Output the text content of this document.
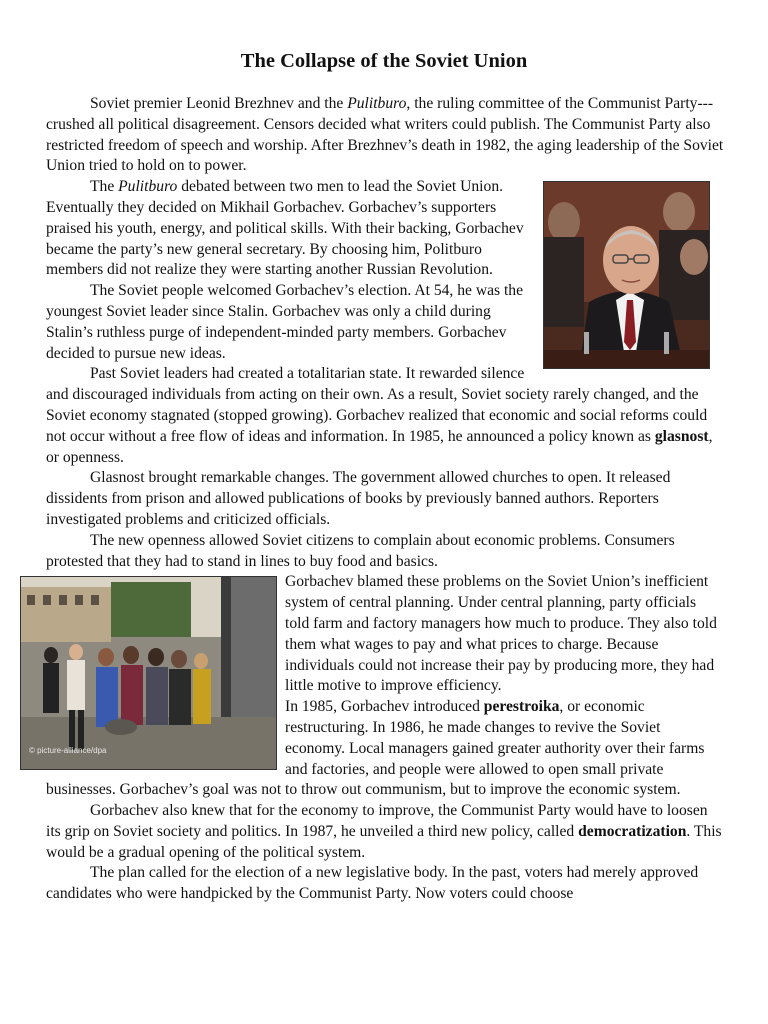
The Collapse of the Soviet Union

Soviet premier Leonid Brezhnev and the Pulitburo, the ruling committee of the Communist Party---crushed all political disagreement. Censors decided what writers could publish. The Communist Party also restricted freedom of speech and worship. After Brezhnev’s death in 1982, the aging leadership of the Soviet Union tried to hold on to power.

The Pulitburo debated between two men to lead the Soviet Union. Eventually they decided on Mikhail Gorbachev. Gorbachev’s supporters praised his youth, energy, and political skills. With their backing, Gorbachev became the party’s new general secretary. By choosing him, Politburo members did not realize they were starting another Russian Revolution.

The Soviet people welcomed Gorbachev’s election. At 54, he was the youngest Soviet leader since Stalin. Gorbachev was only a child during Stalin’s ruthless purge of independent-minded party members. Gorbachev decided to pursue new ideas.

Past Soviet leaders had created a totalitarian state. It rewarded silence and discouraged individuals from acting on their own. As a result, Soviet society rarely changed, and the Soviet economy stagnated (stopped growing). Gorbachev realized that economic and social reforms could not occur without a free flow of ideas and information. In 1985, he announced a policy known as glasnost, or openness.

Glasnost brought remarkable changes. The government allowed churches to open. It released dissidents from prison and allowed publications of books by previously banned authors. Reporters investigated problems and criticized officials.

The new openness allowed Soviet citizens to complain about economic problems. Consumers protested that they had to stand in lines to buy food and basics.

© picture-alliance/dpa

Gorbachev blamed these problems on the Soviet Union’s inefficient system of central planning. Under central planning, party officials told farm and factory managers how much to produce. They also told them what wages to pay and what prices to charge. Because individuals could not increase their pay by producing more, they had little motive to improve efficiency.

In 1985, Gorbachev introduced perestroika, or economic restructuring. In 1986, he made changes to revive the Soviet economy. Local managers gained greater authority over their farms and factories, and people were allowed to open small private businesses. Gorbachev’s goal was not to throw out communism, but to improve the economic system.

Gorbachev also knew that for the economy to improve, the Communist Party would have to loosen its grip on Soviet society and politics. In 1987, he unveiled a third new policy, called democratization. This would be a gradual opening of the political system.

The plan called for the election of a new legislative body. In the past, voters had merely approved candidates who were handpicked by the Communist Party. Now voters could choose
